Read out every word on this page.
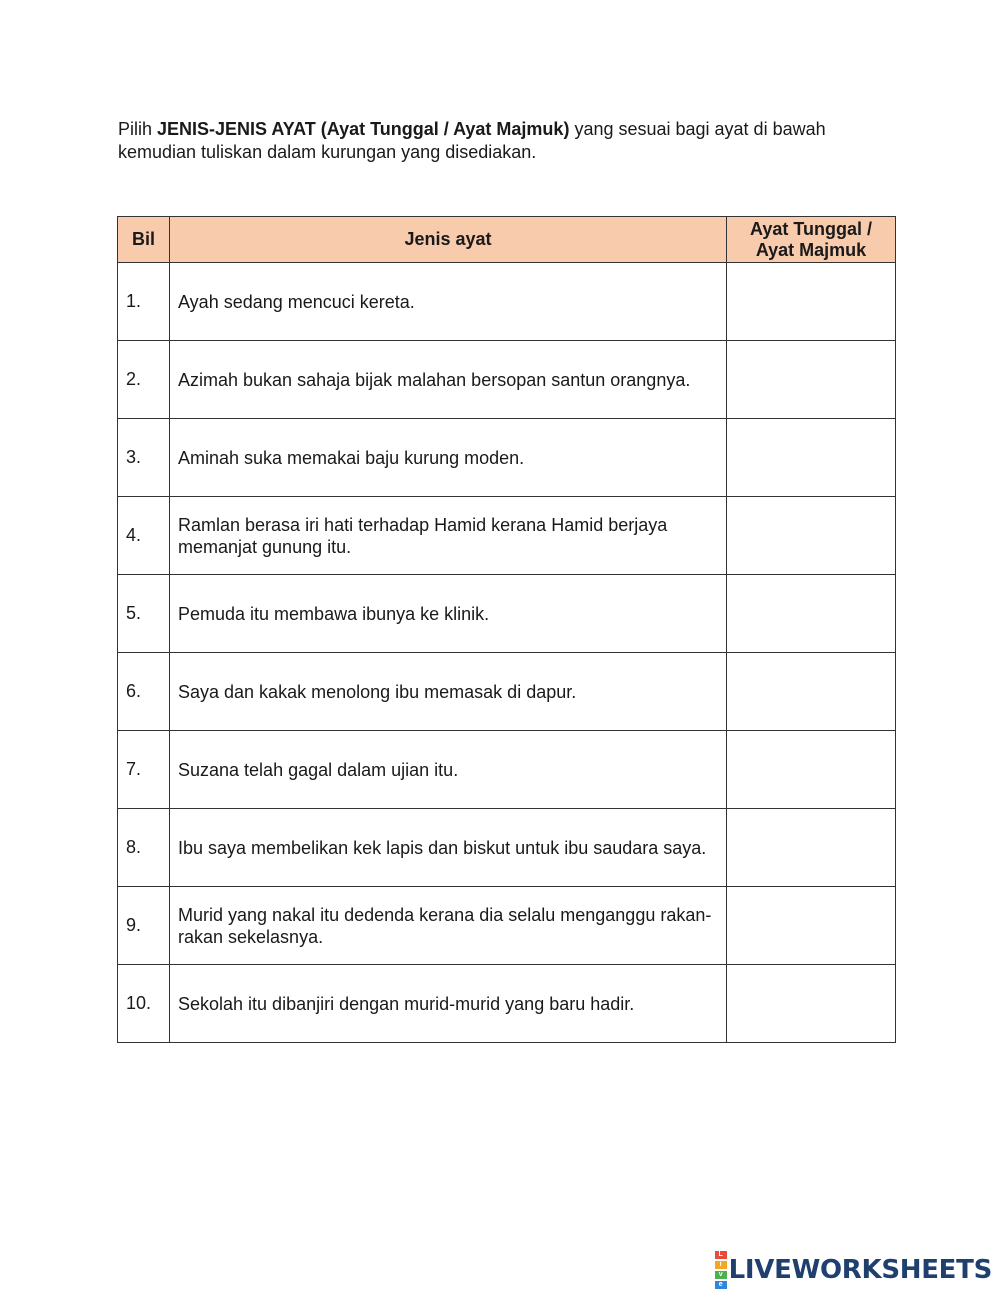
Pilih JENIS-JENIS AYAT (Ayat Tunggal / Ayat Majmuk) yang sesuai bagi ayat di bawah kemudian tuliskan dalam kurungan yang disediakan.
Bil	Jenis ayat	Ayat Tunggal /
Ayat Majmuk
1.	Ayah sedang mencuci kereta.	

2.	Azimah bukan sahaja bijak malahan bersopan santun orangnya.	

3.	Aminah suka memakai baju kurung moden.	

4.	Ramlan berasa iri hati terhadap Hamid kerana Hamid berjaya memanjat gunung itu.	

5.	Pemuda itu membawa ibunya ke klinik.	

6.	Saya dan kakak menolong ibu memasak di dapur.	

7.	Suzana telah gagal dalam ujian itu.	

8.	Ibu saya membelikan kek lapis dan biskut untuk ibu saudara saya.	

9.	Murid yang nakal itu dedenda kerana dia selalu menganggu rakan-rakan sekelasnya.	

10.	Sekolah itu dibanjiri dengan murid-murid yang baru hadir.	
L
i
v
e LIVEWORKSHEETS
